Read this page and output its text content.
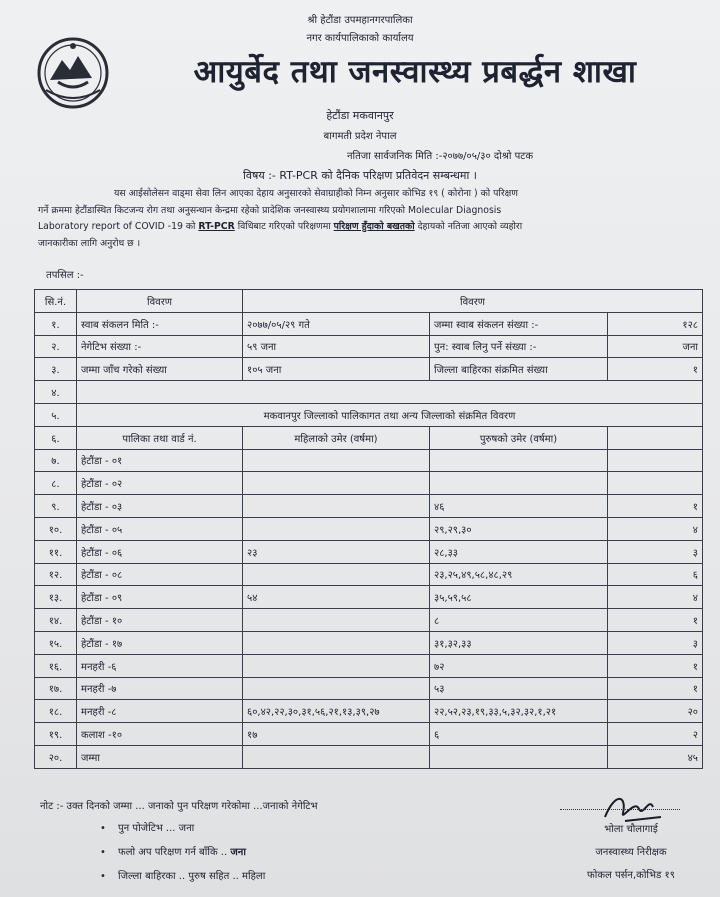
श्री हेटौंडा उपमहानगरपालिका
नगर कार्यपालिकाको कार्यालय
आयुर्बेद तथा जनस्वास्थ्य प्रबर्द्धन शाखा
हेटौंडा मकवानपुर
बागमती प्रदेश नेपाल
नतिजा सार्वजनिक मिति :-२०७७/०५/३० दोश्रो पटक
विषय :- RT-PCR को दैनिक परिक्षण प्रतिवेदन सम्बन्धमा ।
यस आईसोलेसन वाड्मा सेवा लिन आएका देहाय अनुसारको सेवाग्राहीको निम्न अनुसार कोभिड १९ ( कोरोना ) को परिक्षण
गर्ने क्रममा हेटौंडास्थित किटजन्य रोग तथा अनुसन्धान केन्द्रमा रहेको प्रादेशिक जनस्वास्थ्य प्रयोगशालामा गरिएको Molecular Diagnosis
Laboratory report of COVID -19 को RT-PCR विधिबाट गरिएको परिक्षणमा परिक्षण हुँदाको बखतको देहायको नतिजा आएको व्यहोरा
जानकारीका लागि अनुरोध छ ।
तपसिल :-
सि.नं.	विवरण	विवरण		
१.	स्वाब संकलन मिति :-	२०७७/०५/२९ गते	जम्मा स्वाब संकलन संख्या :-	१२८
२.	नेगेटिभ संख्या :-	५९ जना	पुन: स्वाब लिनु पर्ने संख्या :-	जना
३.	जम्मा जाँच गरेको संख्या	१०५ जना	जिल्ला बाहिरका संक्रमित संख्या	१
४.				
५.	मकवानपुर जिल्लाको पालिकागत तथा अन्य जिल्लाको संक्रमित विवरण			
६.	पालिका तथा वार्ड नं.	महिलाको उमेर (वर्षमा)	पुरुषको उमेर (वर्षमा)	
७.	हेटौंडा - ०१			
८.	हेटौंडा - ०२			
९.	हेटौंडा - ०३		४६	१
१०.	हेटौंडा - ०५		२९,२९,३०	४
११.	हेटौंडा - ०६	२३	२८,३३	३
१२.	हेटौंडा - ०८		२३,२५,४९,५८,४८,२९	६
१३.	हेटौंडा - ०९	५४	३५,५९,५८	४
१४.	हेटौंडा - १०		८	१
१५.	हेटौंडा - १७		३१,३२,३३	३
१६.	मनहरी -६		७२	१
१७.	मनहरी -७		५३	१
१८.	मनहरी -८	६०,४२,२२,३०,३१,५६,२१,१३,३९,२७	२२,५२,२३,१९,३३,५,३२,३२,१,२१	२०
१९.	कलाश -१०	१७	६	२
२०.	जम्मा			४५
नोट :- उक्त दिनको जम्मा ... जनाको पुन परिक्षण गरेकोमा ...जनाको नेगेटिभ
• पुन पोजेटिभ ... जना
• फलो अप परिक्षण गर्न बाँकि .. जना
• जिल्ला बाहिरका .. पुरुष सहित .. महिला
भोला चौलागाई
जनस्वास्थ्य निरीक्षक
फोकल पर्सन,कोभिड १९
